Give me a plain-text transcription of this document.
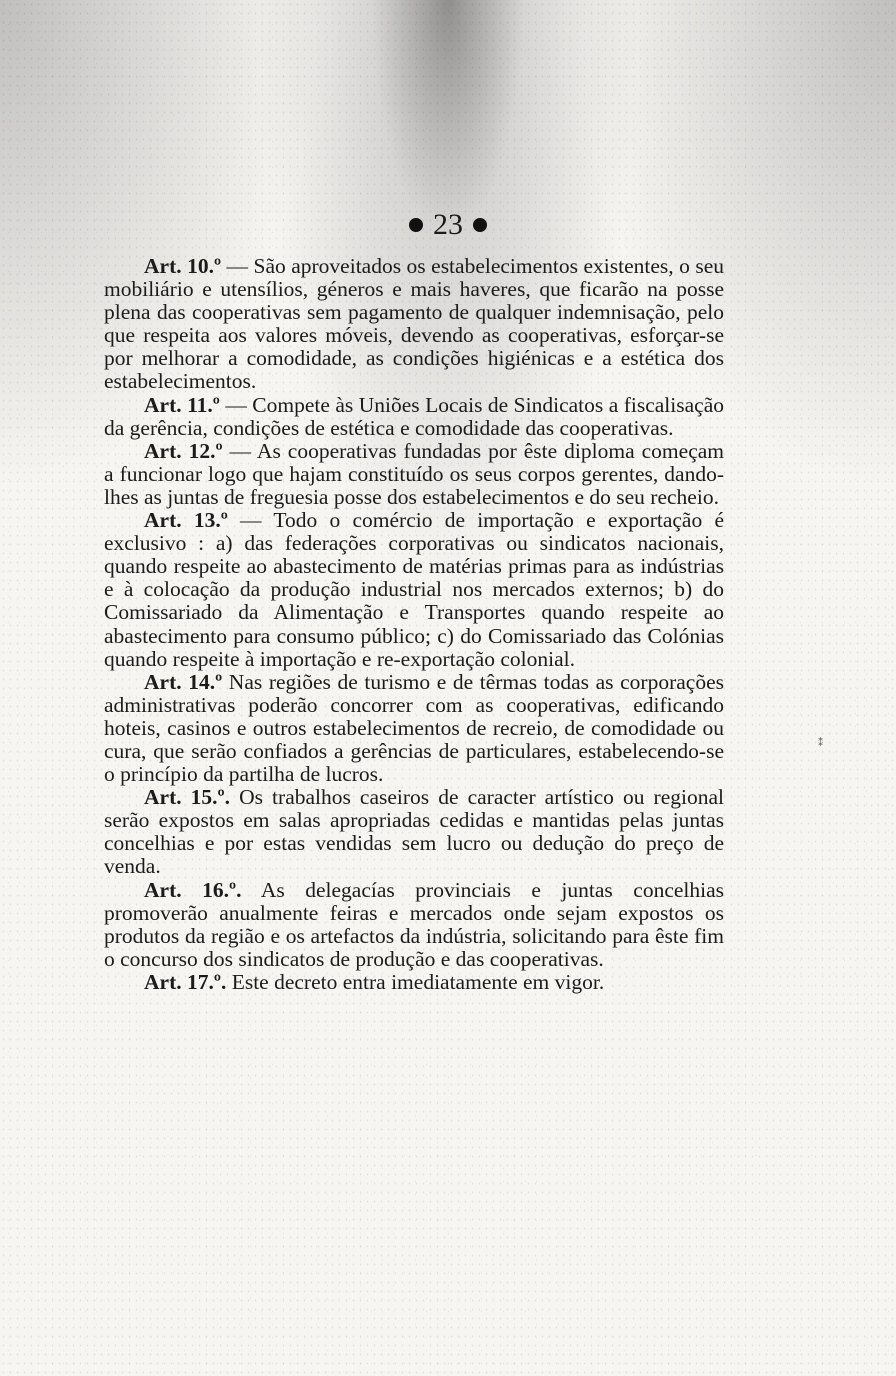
23

Art. 10.º — São aproveitados os estabelecimentos existentes, o seu mobiliário e utensílios, géneros e mais haveres, que ficarão na posse plena das cooperativas sem pagamento de qualquer indemnisação, pelo que respeita aos valores móveis, devendo as cooperativas, esforçar-se por melhorar a comodidade, as condições higiénicas e a estética dos estabelecimentos.

Art. 11.º — Compete às Uniões Locais de Sindicatos a fiscalisação da gerência, condições de estética e comodidade das cooperativas.

Art. 12.º — As cooperativas fundadas por êste diploma começam a funcionar logo que hajam constituído os seus corpos gerentes, dando-lhes as juntas de freguesia posse dos estabelecimentos e do seu recheio.

Art. 13.º — Todo o comércio de importação e exportação é exclusivo : a) das federações corporativas ou sindicatos nacionais, quando respeite ao abastecimento de matérias primas para as indústrias e à colocação da produção industrial nos mercados externos; b) do Comissariado da Alimentação e Transportes quando respeite ao abastecimento para consumo público; c) do Comissariado das Colónias quando respeite à importação e re-exportação colonial.

Art. 14.º Nas regiões de turismo e de têrmas todas as corporações administrativas poderão concorrer com as cooperativas, edificando hoteis, casinos e outros estabelecimentos de recreio, de comodidade ou cura, que serão confiados a gerências de particulares, estabelecendo-se o princípio da partilha de lucros.

Art. 15.º. Os trabalhos caseiros de caracter artístico ou regional serão expostos em salas apropriadas cedidas e mantidas pelas juntas concelhias e por estas vendidas sem lucro ou dedução do preço de venda.

Art. 16.º. As delegacías provinciais e juntas concelhias promoverão anualmente feiras e mercados onde sejam expostos os produtos da região e os artefactos da indústria, solicitando para êste fim o concurso dos sindicatos de produção e das cooperativas.

Art. 17.º. Este decreto entra imediatamente em vigor.

⁑
